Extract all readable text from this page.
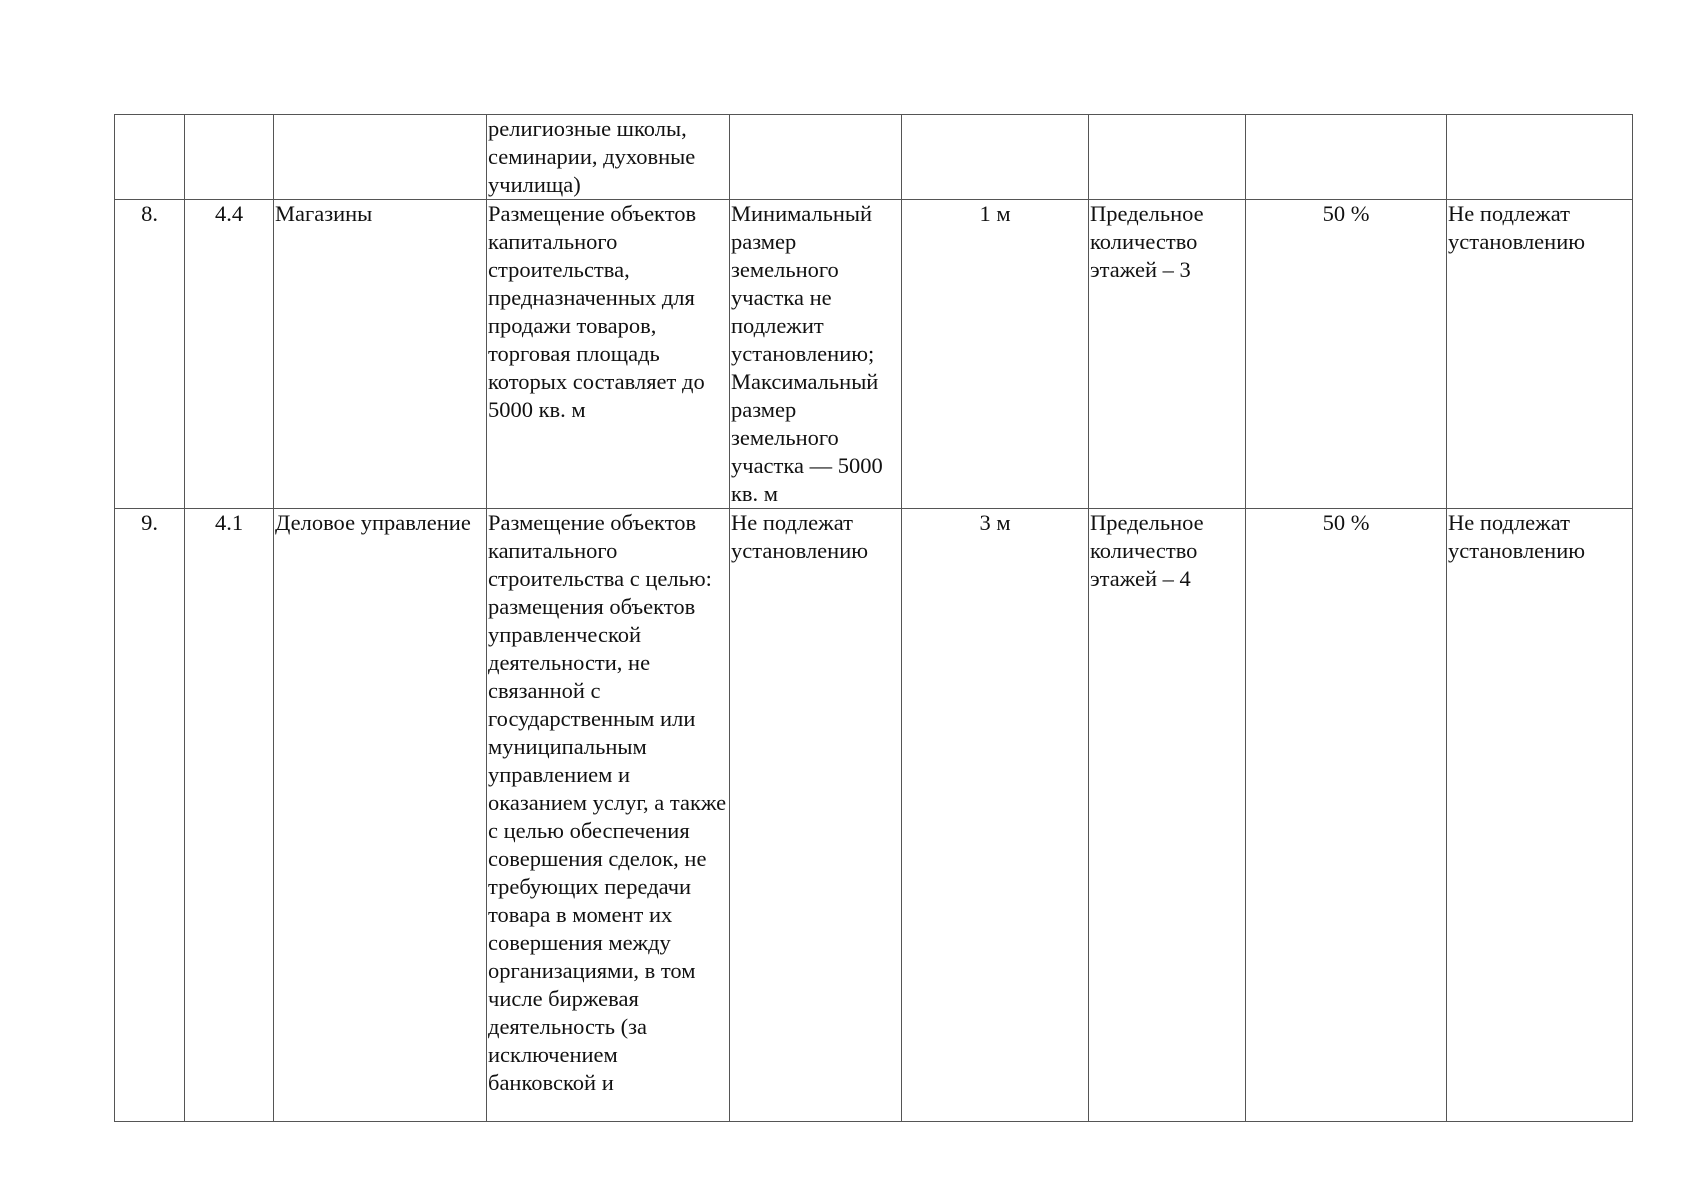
			религиозные школы, семинарии, духовные училища)					
8.	4.4	Магазины	Размещение объектов капитального строительства, предназначенных для продажи товаров, торговая площадь которых составляет до 5000 кв. м	Минимальный размер земельного участка не подлежит установлению; Максимальный размер земельного участка — 5000 кв. м	1 м	Предельное количество этажей – 3	50 %	Не подлежат установлению
9.	4.1	Деловое управление	Размещение объектов капитального строительства с целью: размещения объектов управленческой деятельности, не связанной с государственным или муниципальным управлением и оказанием услуг, а также с целью обеспечения совершения сделок, не требующих передачи товара в момент их совершения между организациями, в том числе биржевая деятельность (за исключением банковской и	Не подлежат установлению	3 м	Предельное количество этажей – 4	50 %	Не подлежат установлению
